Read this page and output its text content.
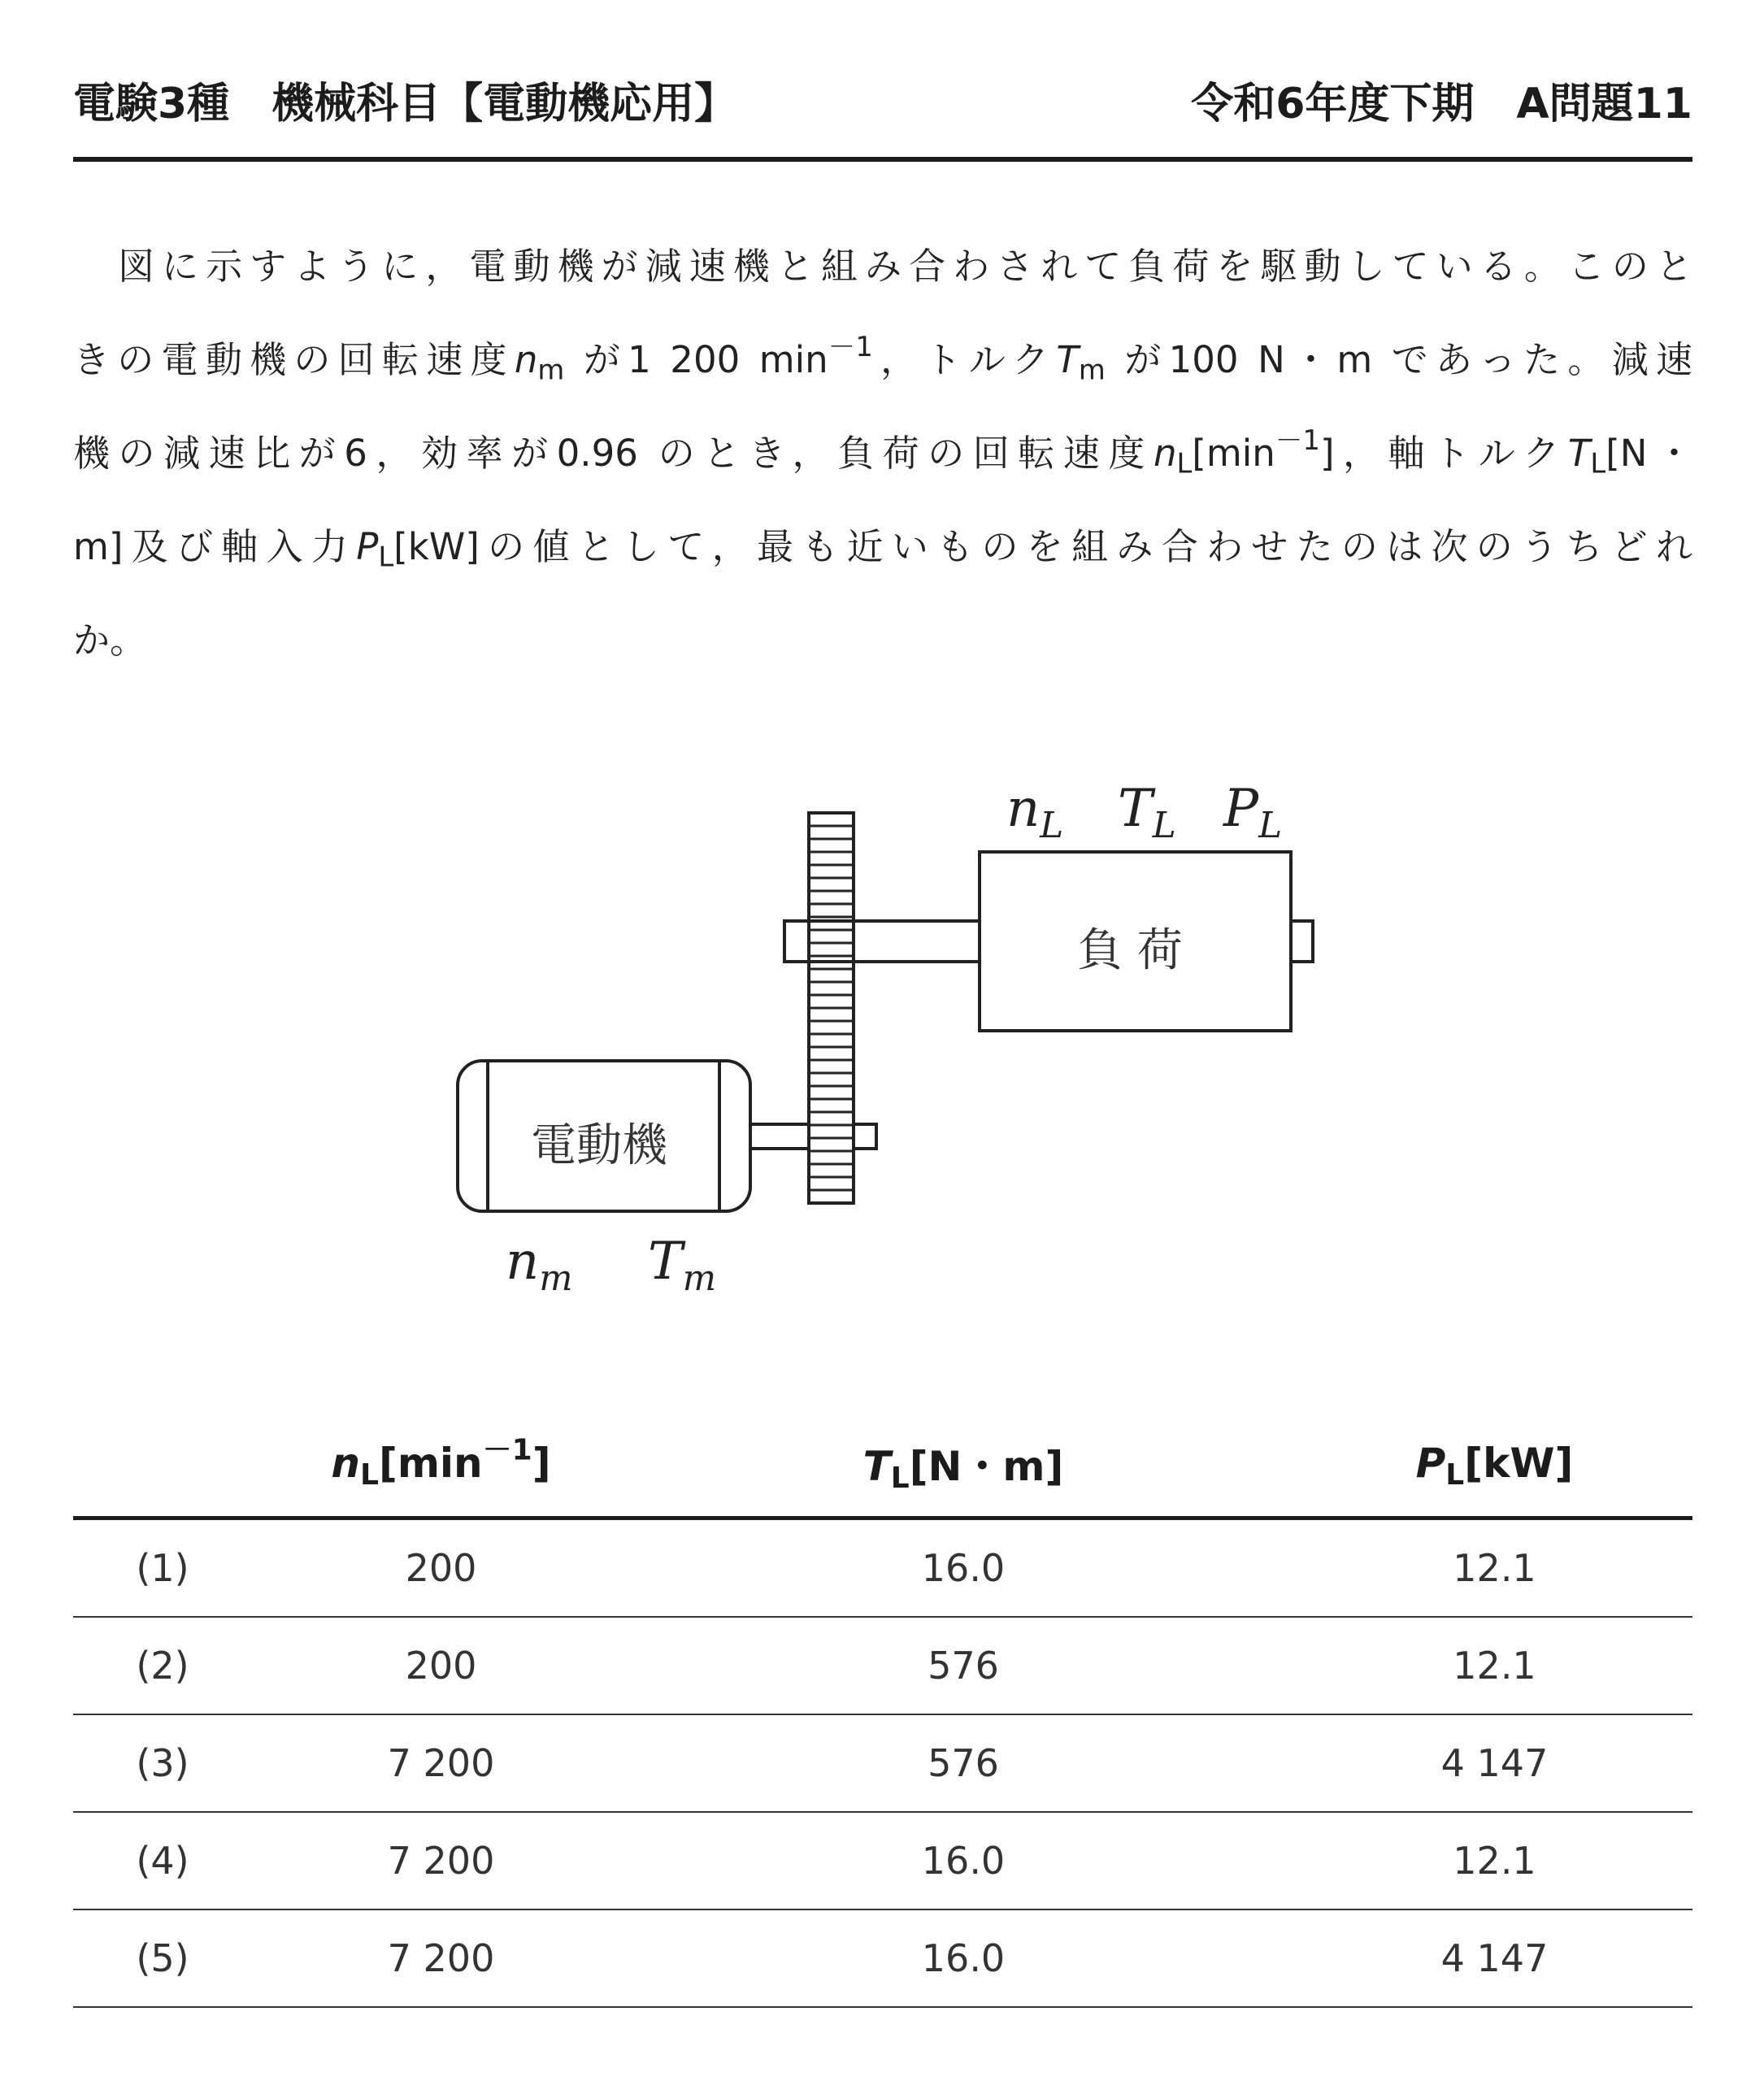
電験3種　機械科目【電動機応用】	令和6年度下期　A問題11
図に示すように，電動機が減速機と組み合わされて負荷を駆動している。このと
きの電動機の回転速度$n_m$ が1 200 $\min^{-1}$，トルク$T_m$ が100 N・m であった。減速
機の減速比が6，効率が0.96 のとき，負荷の回転速度$n_L[\min^{-1}]$，軸トルク$T_L[N$・
m]及び軸入力$P_L[kW]$の値として，最も近いものを組み合わせたのは次のうちどれ
か。
負 荷
電動機
$n_L$ $T_L$ $P_L$
$n_m$ $T_m$
	$n_L[\min^{-1}]$	$T_L[N$・m]	$P_L[kW]$
(1)	200	16.0	12.1
(2)	200	576	12.1
(3)	7 200	576	4 147
(4)	7 200	16.0	12.1
(5)	7 200	16.0	4 147
